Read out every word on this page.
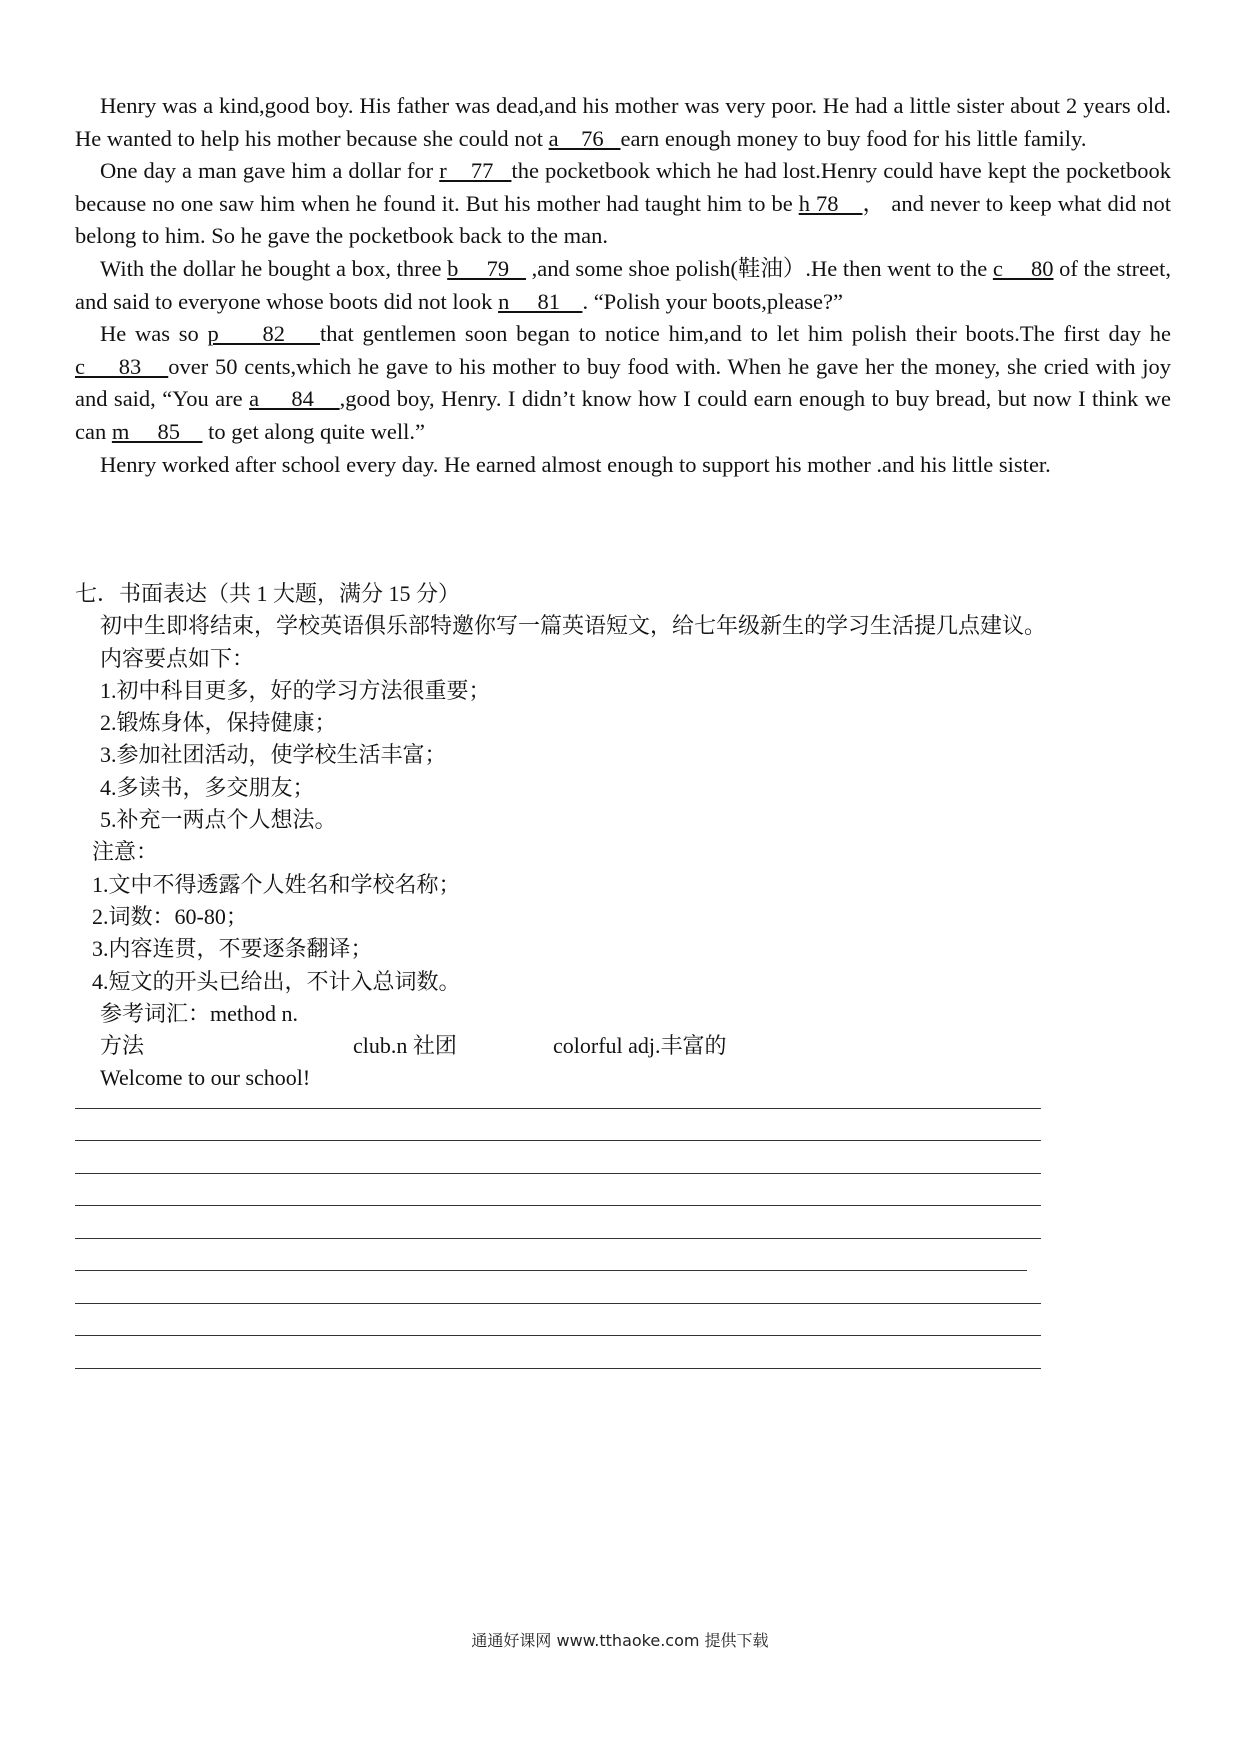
Henry was a kind,good boy. His father was dead,and his mother was very poor. He had a little sister about 2 years old. He wanted to help his mother because she could not a    76   earn enough money to buy food for his little family.

One day a man gave him a dollar for r    77   the pocketbook which he had lost.Henry could have kept the pocketbook because no one saw him when he found it. But his mother had taught him to be h 78    ， and never to keep what did not belong to him. So he gave the pocketbook back to the man.

With the dollar he bought a box, three b     79    ,and some shoe polish(鞋油）.He then went to the c     80 of the street, and said to everyone whose boots did not look n     81    . “Polish your boots,please?”

He was so p     82    that gentlemen soon began to notice him,and to let him polish their boots.The first day he c     83    over 50 cents,which he gave to his mother to buy food with. When he gave her the money, she cried with joy and said, “You are a     84    ,good boy, Henry. I didn’t know how I could earn enough to buy bread, but now I think we can m     85     to get along quite well.”

Henry worked after school every day. He earned almost enough to support his mother .and his little sister.

七．书面表达（共 1 大题，满分 15 分）

初中生即将结束，学校英语俱乐部特邀你写一篇英语短文，给七年级新生的学习生活提几点建议。

内容要点如下：

1.初中科目更多，好的学习方法很重要；

2.锻炼身体，保持健康；

3.参加社团活动，使学校生活丰富；

4.多读书，多交朋友；

5.补充一两点个人想法。

注意：

1.文中不得透露个人姓名和学校名称；

2.词数：60-80；

3.内容连贯，不要逐条翻译；

4.短文的开头已给出，不计入总词数。

参考词汇：method n.方法	club.n 社团	colorful adj.丰富的

Welcome to our school!

通通好课网 www.tthaoke.com 提供下载
